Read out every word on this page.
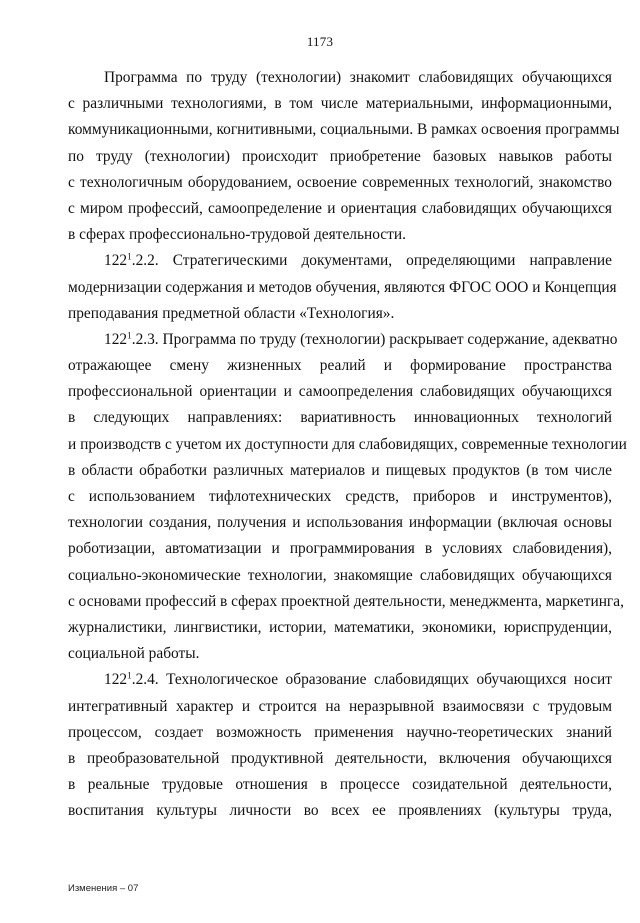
1173
Программа по труду (технологии) знакомит слабовидящих обучающихся
с различными технологиями, в том числе материальными, информационными,
коммуникационными, когнитивными, социальными. В рамках освоения программы
по труду (технологии) происходит приобретение базовых навыков работы
с технологичным оборудованием, освоение современных технологий, знакомство
с миром профессий, самоопределение и ориентация слабовидящих обучающихся
в сферах профессионально-трудовой деятельности.
$122^1.2.2$. Стратегическими документами, определяющими направление
модернизации содержания и методов обучения, являются ФГОС ООО и Концепция
преподавания предметной области «Технология».
$122^1.2.3$. Программа по труду (технологии) раскрывает содержание, адекватно
отражающее смену жизненных реалий и формирование пространства
профессиональной ориентации и самоопределения слабовидящих обучающихся
в следующих направлениях: вариативность инновационных технологий
и производств с учетом их доступности для слабовидящих, современные технологии
в области обработки различных материалов и пищевых продуктов (в том числе
с использованием тифлотехнических средств, приборов и инструментов),
технологии создания, получения и использования информации (включая основы
роботизации, автоматизации и программирования в условиях слабовидения),
социально-экономические технологии, знакомящие слабовидящих обучающихся
с основами профессий в сферах проектной деятельности, менеджмента, маркетинга,
журналистики, лингвистики, истории, математики, экономики, юриспруденции,
социальной работы.
$122^1.2.4$. Технологическое образование слабовидящих обучающихся носит
интегративный характер и строится на неразрывной взаимосвязи с трудовым
процессом, создает возможность применения научно-теоретических знаний
в преобразовательной продуктивной деятельности, включения обучающихся
в реальные трудовые отношения в процессе созидательной деятельности,
воспитания культуры личности во всех ее проявлениях (культуры труда,
Изменения – 07
